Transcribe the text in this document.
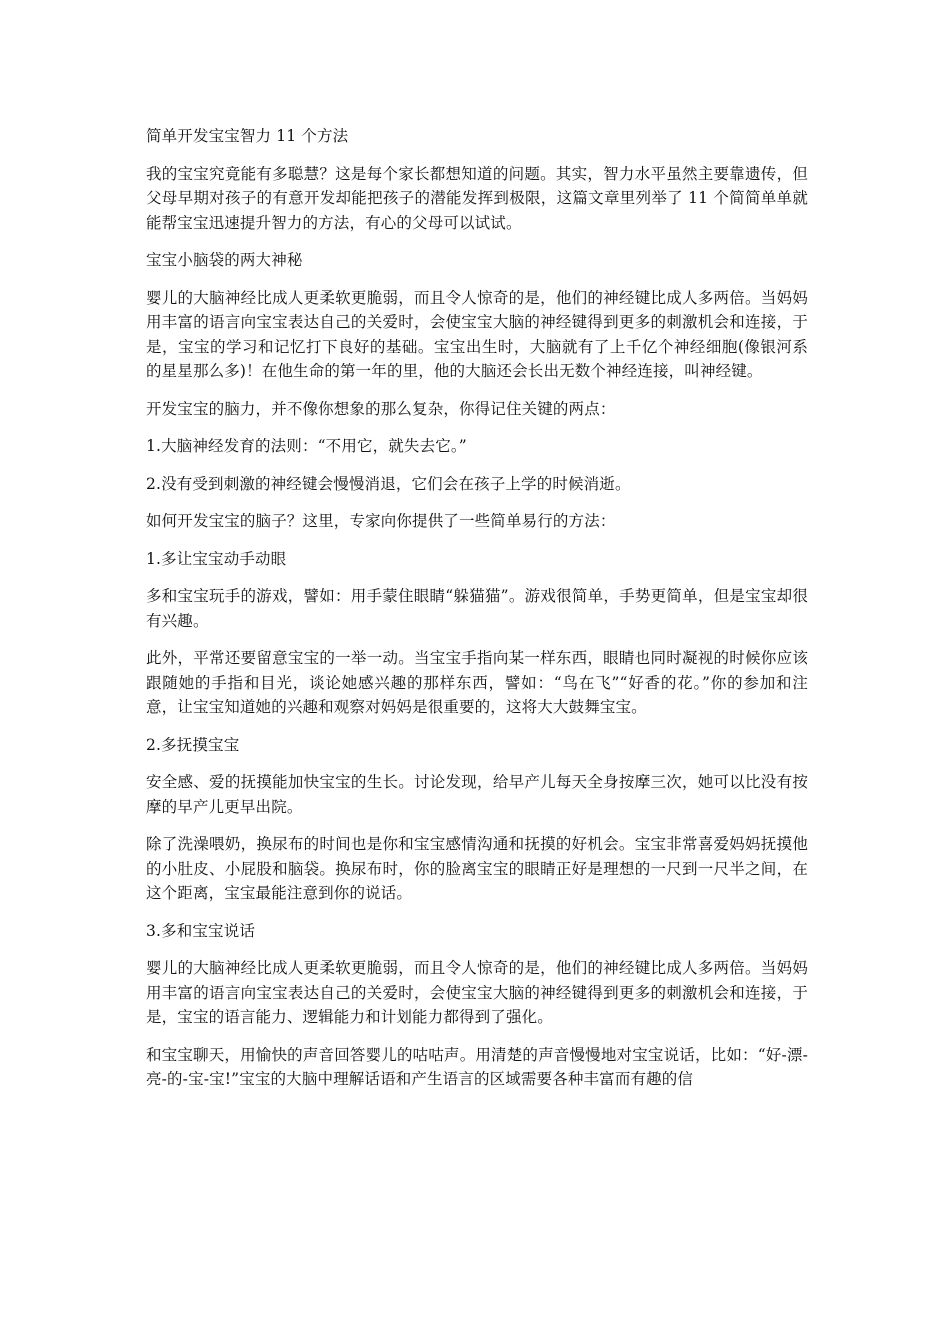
简单开发宝宝智力 11 个方法

我的宝宝究竟能有多聪慧？这是每个家长都想知道的问题。其实，智力水平虽然主要靠遗传，但父母早期对孩子的有意开发却能把孩子的潜能发挥到极限，这篇文章里列举了 11 个简简单单就能帮宝宝迅速提升智力的方法，有心的父母可以试试。

宝宝小脑袋的两大神秘

婴儿的大脑神经比成人更柔软更脆弱，而且令人惊奇的是，他们的神经键比成人多两倍。当妈妈用丰富的语言向宝宝表达自己的关爱时，会使宝宝大脑的神经键得到更多的刺激机会和连接，于是，宝宝的学习和记忆打下良好的基础。宝宝出生时，大脑就有了上千亿个神经细胞(像银河系的星星那么多)！在他生命的第一年的里，他的大脑还会长出无数个神经连接，叫神经键。

开发宝宝的脑力，并不像你想象的那么复杂，你得记住关键的两点：

1.大脑神经发育的法则：“不用它，就失去它。”

2.没有受到刺激的神经键会慢慢消退，它们会在孩子上学的时候消逝。

如何开发宝宝的脑子？这里，专家向你提供了一些简单易行的方法：

1.多让宝宝动手动眼

多和宝宝玩手的游戏，譬如：用手蒙住眼睛“躲猫猫”。游戏很简单，手势更简单，但是宝宝却很有兴趣。

此外，平常还要留意宝宝的一举一动。当宝宝手指向某一样东西，眼睛也同时凝视的时候你应该跟随她的手指和目光，谈论她感兴趣的那样东西，譬如：“鸟在飞”“好香的花。”你的参加和注意，让宝宝知道她的兴趣和观察对妈妈是很重要的，这将大大鼓舞宝宝。

2.多抚摸宝宝

安全感、爱的抚摸能加快宝宝的生长。讨论发现，给早产儿每天全身按摩三次，她可以比没有按摩的早产儿更早出院。

除了洗澡喂奶，换尿布的时间也是你和宝宝感情沟通和抚摸的好机会。宝宝非常喜爱妈妈抚摸他的小肚皮、小屁股和脑袋。换尿布时，你的脸离宝宝的眼睛正好是理想的一尺到一尺半之间，在这个距离，宝宝最能注意到你的说话。

3.多和宝宝说话

婴儿的大脑神经比成人更柔软更脆弱，而且令人惊奇的是，他们的神经键比成人多两倍。当妈妈用丰富的语言向宝宝表达自己的关爱时，会使宝宝大脑的神经键得到更多的刺激机会和连接，于是，宝宝的语言能力、逻辑能力和计划能力都得到了强化。

和宝宝聊天，用愉快的声音回答婴儿的咕咕声。用清楚的声音慢慢地对宝宝说话，比如：“好-漂-亮-的-宝-宝!”宝宝的大脑中理解话语和产生语言的区域需要各种丰富而有趣的信
